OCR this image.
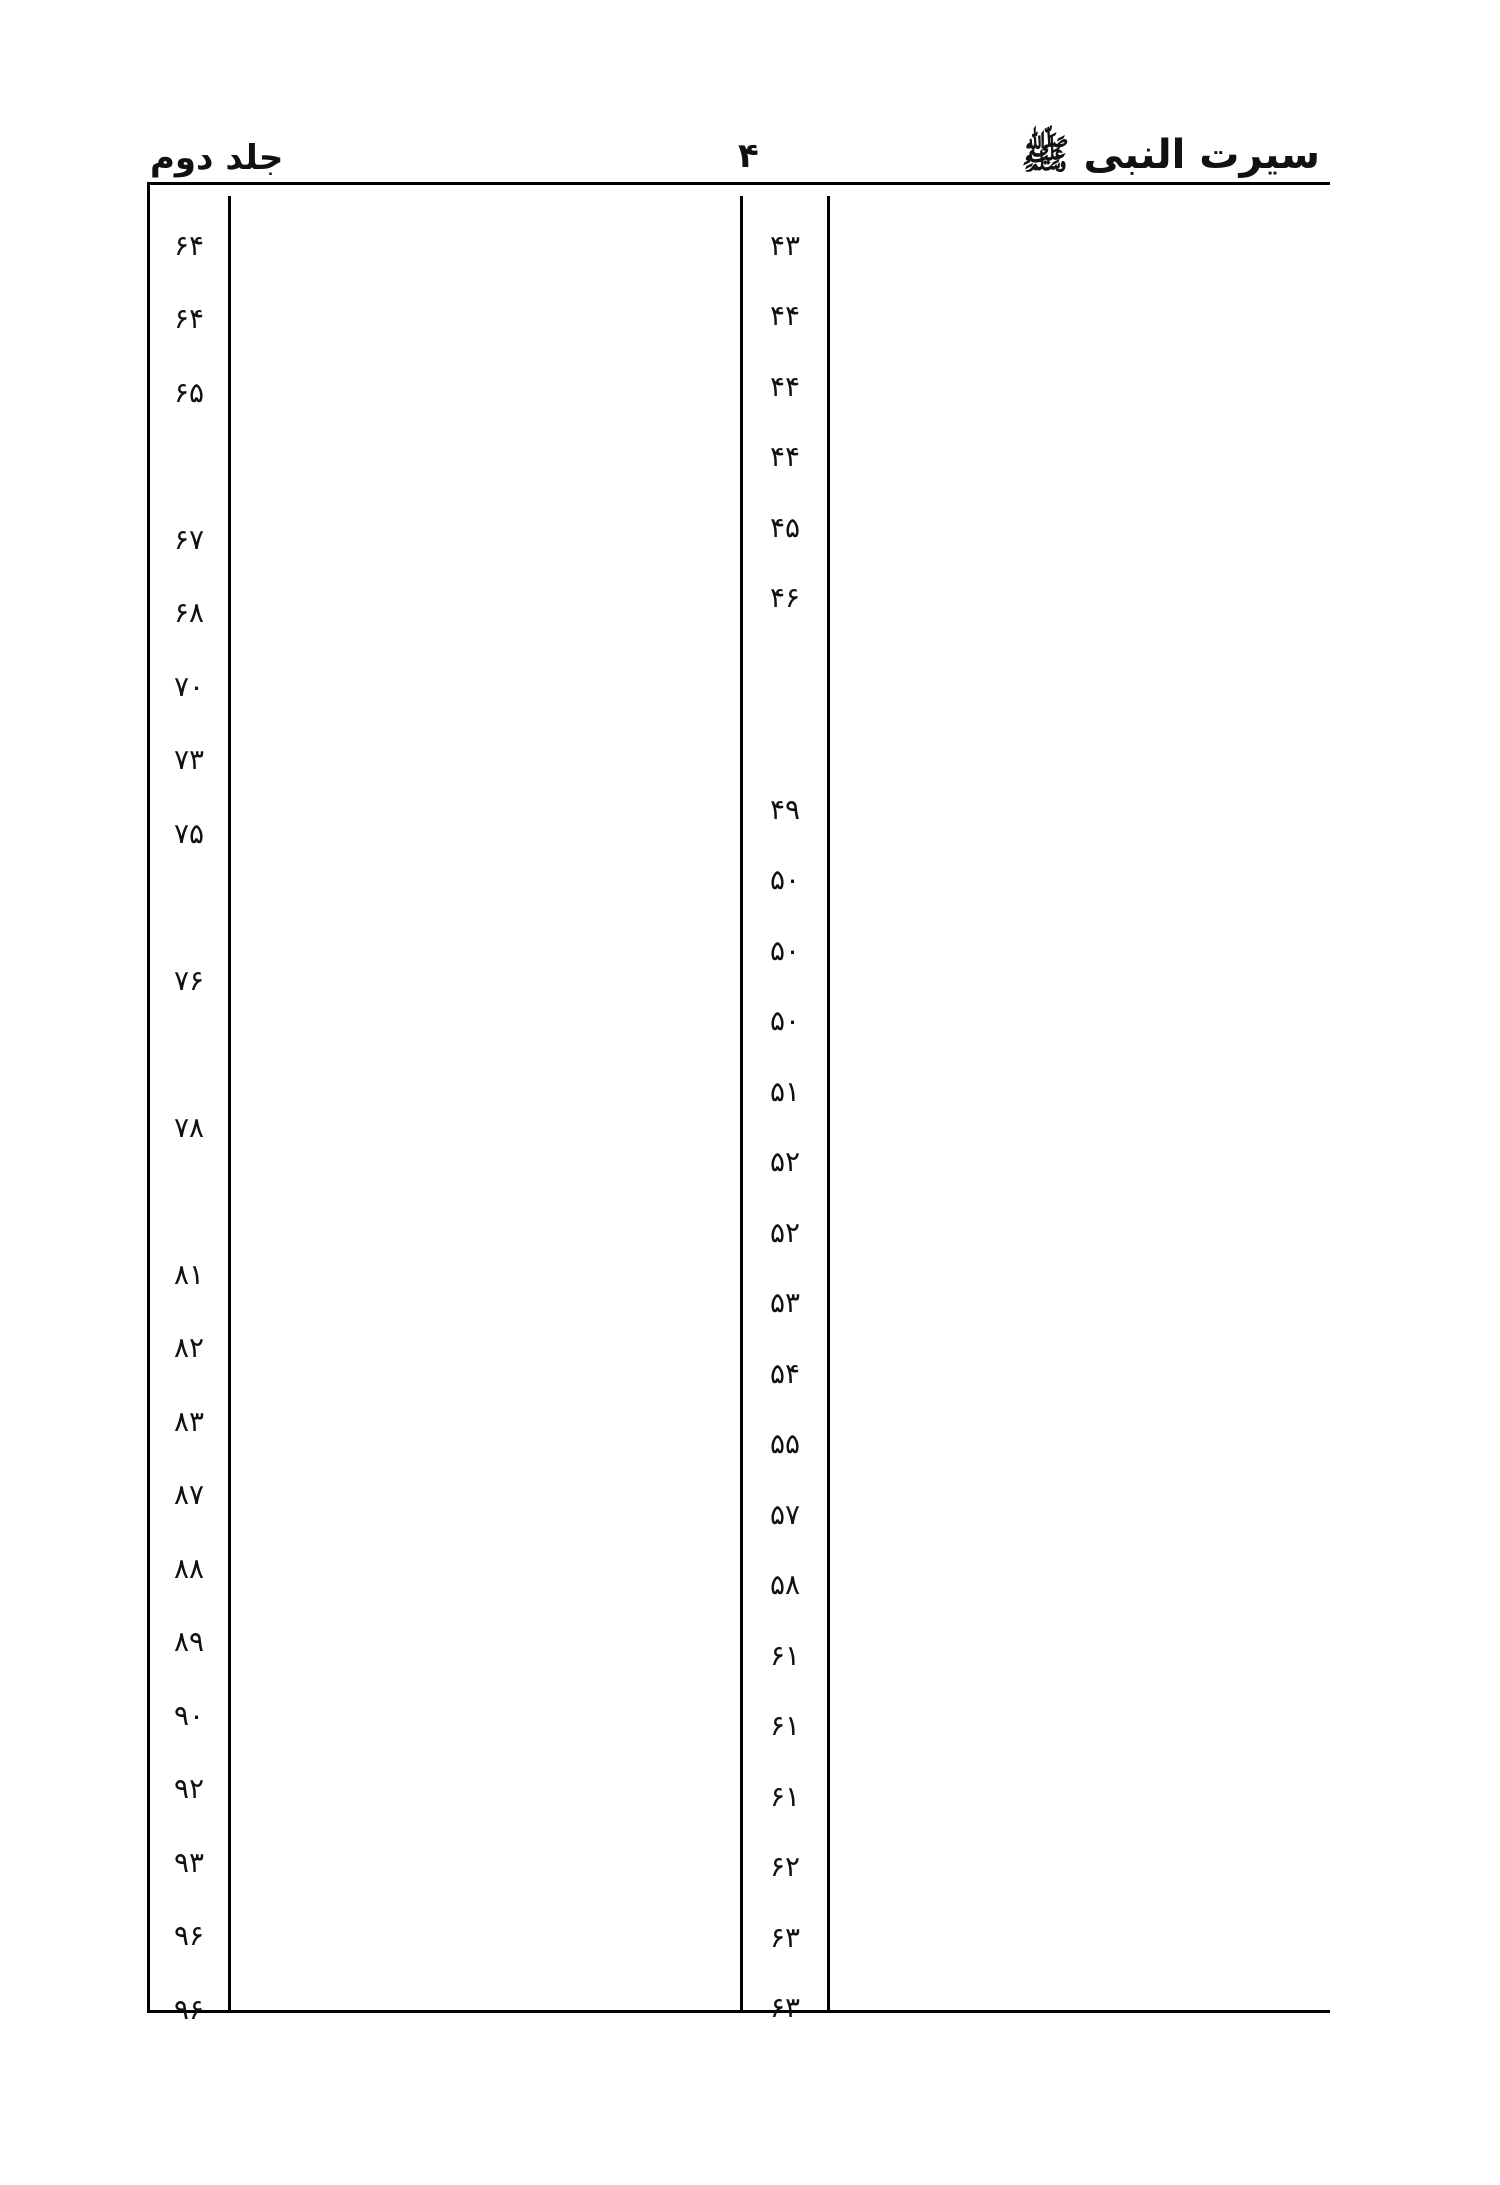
سیرت النبی ﷺ
۴
جلد دوم
۴۳
۴۴
۴۴
۴۴
۴۵
۴۶
۴۹
۵۰
۵۰
۵۰
۵۱
۵۲
۵۲
۵۳
۵۴
۵۵
۵۷
۵۸
۶۱
۶۱
۶۱
۶۲
۶۳
۶۳
۶۴
۶۴
۶۵
۶۷
۶۸
۷۰
۷۳
۷۵
۷۶
۷۸
۸۱
۸۲
۸۳
۸۷
۸۸
۸۹
۹۰
۹۲
۹۳
۹۶
۹۶
